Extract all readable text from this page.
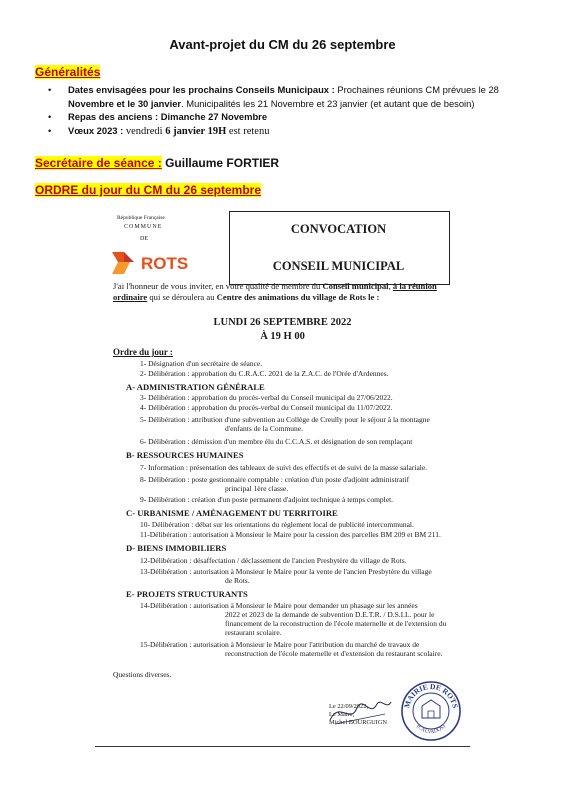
Avant-projet du CM du 26 septembre
Généralités
• Dates envisagées pour les prochains Conseils Municipaux : Prochaines réunions CM prévues le 28
Novembre et le 30 janvier. Municipalités les 21 Novembre et 23 janvier (et autant que de besoin)
• Repas des anciens : Dimanche 27 Novembre
• Vœux 2023 : vendredi 6 janvier 19H est retenu
Secrétaire de séance : Guillaume FORTIER
ORDRE du jour du CM du 26 septembre
République Française
COMMUNE
DE
ROTS
CONVOCATION
CONSEIL MUNICIPAL
J'ai l'honneur de vous inviter, en votre qualité de membre du Conseil municipal, à la réunion ordinaire qui se déroulera au Centre des animations du village de Rots le :
LUNDI 26 SEPTEMBRE 2022
À 19 H 00
Ordre du jour :
1- Désignation d'un secrétaire de séance.
2- Délibération : approbation du C.R.A.C. 2021 de la Z.A.C. de l'Orée d'Ardennes.
A- ADMINISTRATION GÉNÉRALE
3- Délibération : approbation du procès-verbal du Conseil municipal du 27/06/2022.
4- Délibération : approbation du procès-verbal du Conseil municipal du 11/07/2022.
5- Délibération : attribution d'une subvention au Collège de Creully pour le séjour à la montagne
d'enfants de la Commune.
6- Délibération : démission d'un membre élu du C.C.A.S. et désignation de son remplaçant
B- RESSOURCES HUMAINES
7- Information : présentation des tableaux de suivi des effectifs et de suivi de la masse salariale.
8- Délibération : poste gestionnaire comptable : création d'un poste d'adjoint administratif
principal 1ère classe.
9- Délibération : création d'un poste permanent d'adjoint technique à temps complet.
C- URBANISME / AMÉNAGEMENT DU TERRITOIRE
10- Délibération : débat sur les orientations du règlement local de publicité intercommunal.
11-Délibération : autorisation à Monsieur le Maire pour la cession des parcelles BM 209 et BM 211.
D- BIENS IMMOBILIERS
12-Délibération : désaffectation / déclassement de l'ancien Presbytère du village de Rots.
13-Délibération : autorisation à Monsieur le Maire pour la vente de l'ancien Presbytère du village
de Rots.
E- PROJETS STRUCTURANTS
14-Délibération : autorisation à Monsieur le Maire pour demander un phasage sur les années
2022 et 2023 de la demande de subvention D.E.T.R. / D.S.I.L. pour le
financement de la reconstruction de l'école maternelle et de l'extension du
restaurant scolaire.
15-Délibération : autorisation à Monsieur le Maire pour l'attribution du marché de travaux de
reconstruction de l'école maternelle et d'extension du restaurant scolaire.
Questions diverses.
Le 22/09/2022,
Le Maire,
Michel BOURGUIGN
MAIRIE DE ROTS
(CALVADOS)
